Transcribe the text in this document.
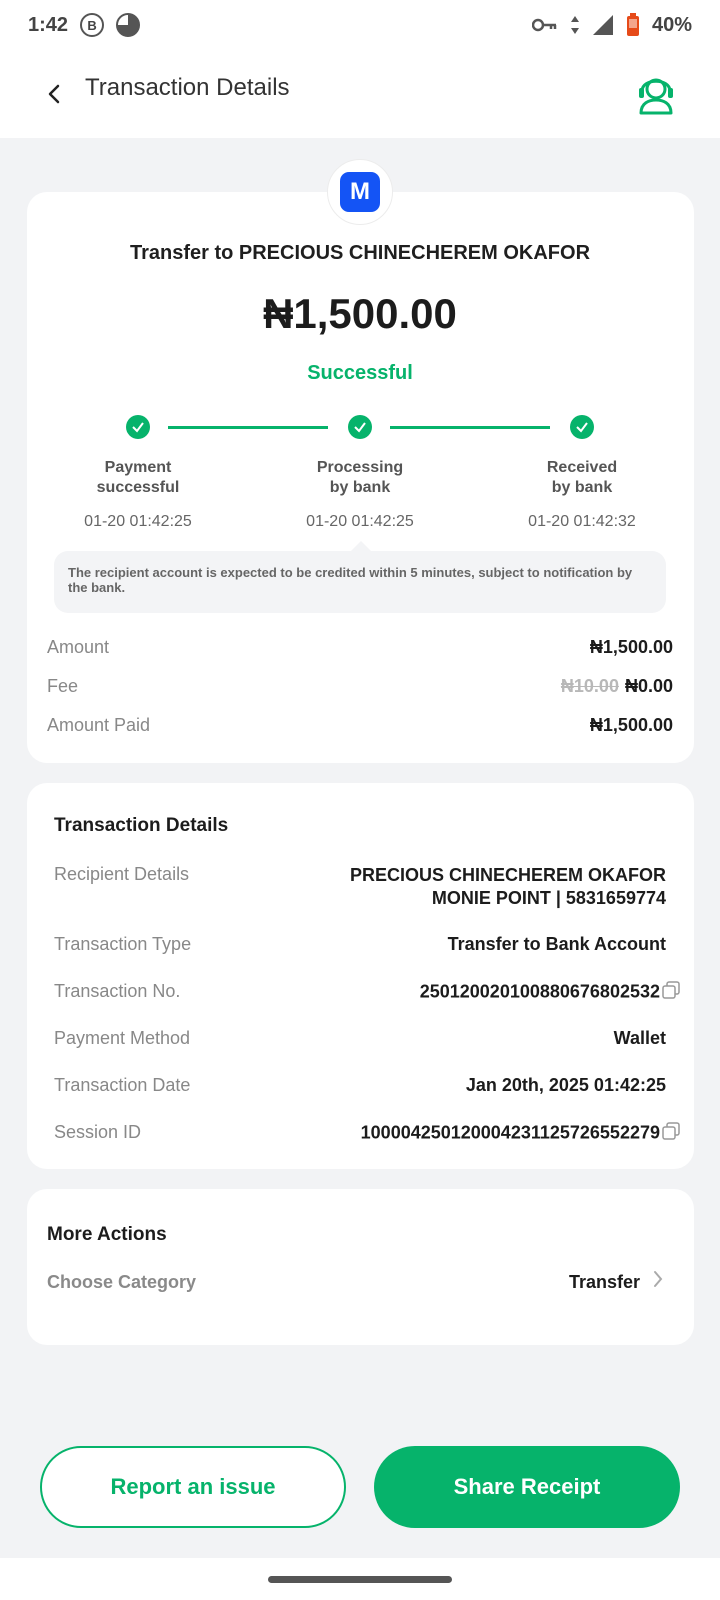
1:42	B	40%
Transaction Details
M
Transfer to PRECIOUS CHINECHEREM OKAFOR
₦1,500.00
Successful
Payment
successful
Processing
by bank
Received
by bank
01-20 01:42:25	01-20 01:42:25	01-20 01:42:32
The recipient account is expected to be credited within 5 minutes, subject to notification by the bank.
Amount	₦1,500.00
Fee	₦10.00 ₦0.00
Amount Paid	₦1,500.00
Transaction Details
Recipient Details	PRECIOUS CHINECHEREM OKAFOR
MONIE POINT | 5831659774
Transaction Type	Transfer to Bank Account
Transaction No.	250120020100880676802532
Payment Method	Wallet
Transaction Date	Jan 20th, 2025 01:42:25
Session ID	100004250120004231125726552279
More Actions
Choose Category	Transfer
Report an issue	Share Receipt
